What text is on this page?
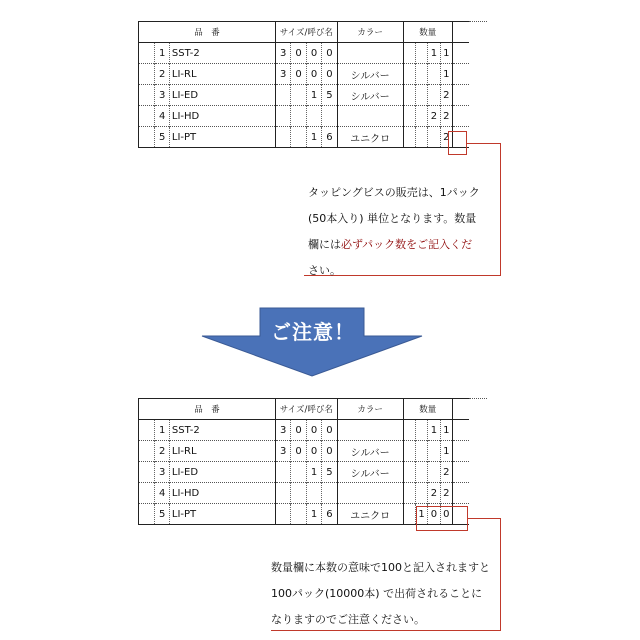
品　番			サイズ/呼び名				カラー	数量				
	1	SST-2	3	0	0	0				1	1	
	2	LI-RL	3	0	0	0	シルバー				1	
	3	LI-ED			1	5	シルバー				2	
	4	LI-HD								2	2	
	5	LI-PT			1	6	ユニクロ				2	
タッピングビスの販売は、1パック
(50本入り) 単位となります。数量
欄には必ずパック数をご記入くだ
さい。
ご注意！
品　番			サイズ/呼び名				カラー	数量				
	1	SST-2	3	0	0	0				1	1	
	2	LI-RL	3	0	0	0	シルバー				1	
	3	LI-ED			1	5	シルバー				2	
	4	LI-HD								2	2	
	5	LI-PT			1	6	ユニクロ		1	0	0	
数量欄に本数の意味で100と記入されますと
100パック(10000本) で出荷されることに
なりますのでご注意ください。
